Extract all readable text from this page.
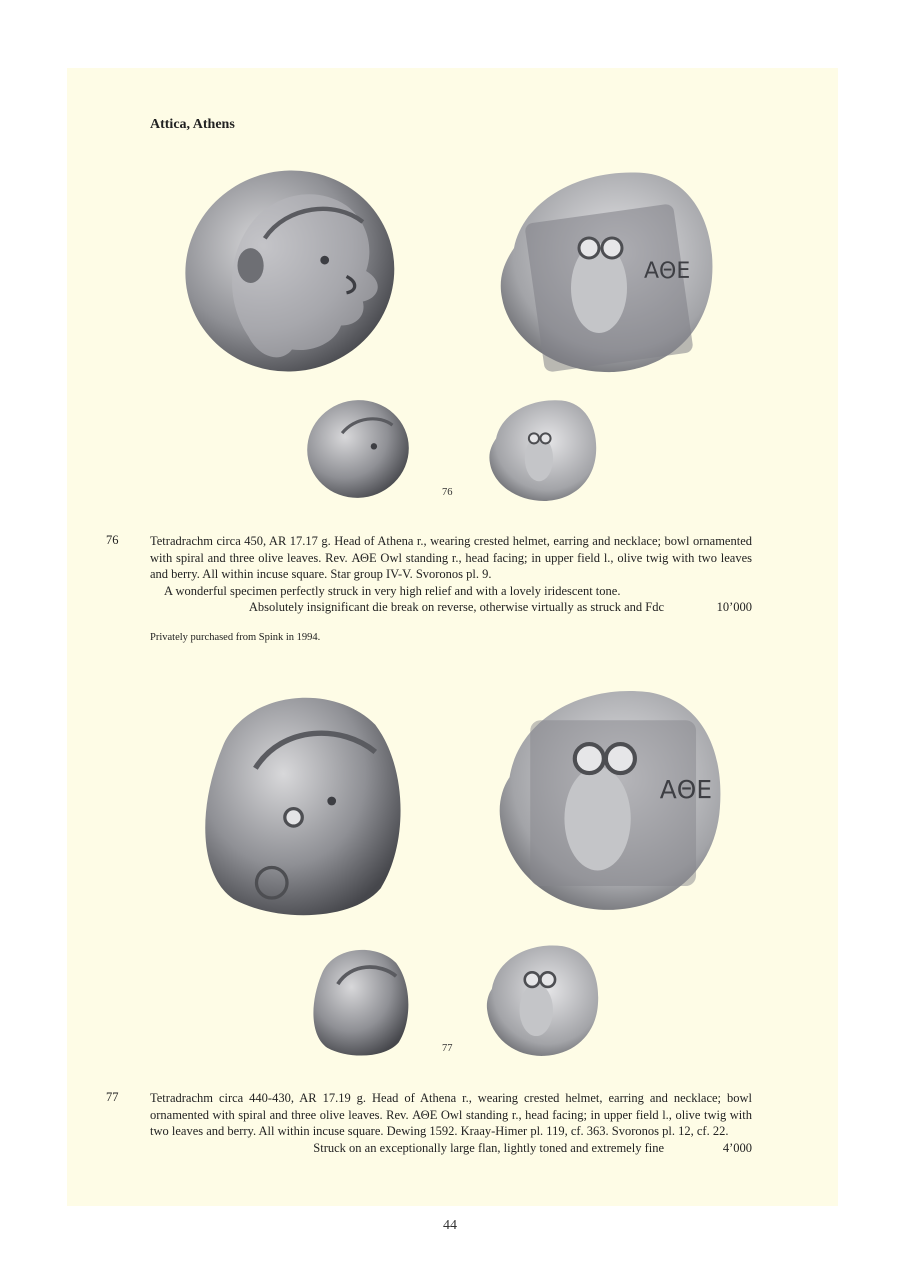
Attica, Athens
ΑΘΕ
76
76	Tetradrachm circa 450, AR 17.17 g. Head of Athena r., wearing crested helmet, earring and necklace; bowl ornamented with spiral and three olive leaves. Rev. ΑΘΕ Owl standing r., head facing; in upper field l., olive twig with two leaves and berry. All within incuse square. Star group IV-V. Svoronos pl. 9.
A wonderful specimen perfectly struck in very high relief and with a lovely iridescent tone.
Absolutely insignificant die break on reverse, otherwise virtually as struck and Fdc	10’000
Privately purchased from Spink in 1994.
ΑΘΕ
77
77	Tetradrachm circa 440-430, AR 17.19 g. Head of Athena r., wearing crested helmet, earring and necklace; bowl ornamented with spiral and three olive leaves. Rev. ΑΘΕ Owl standing r., head facing; in upper field l., olive twig with two leaves and berry. All within incuse square. Dewing 1592. Kraay-Himer pl. 119, cf. 363. Svoronos pl. 12, cf. 22.
Struck on an exceptionally large flan, lightly toned and extremely fine	4’000
44
